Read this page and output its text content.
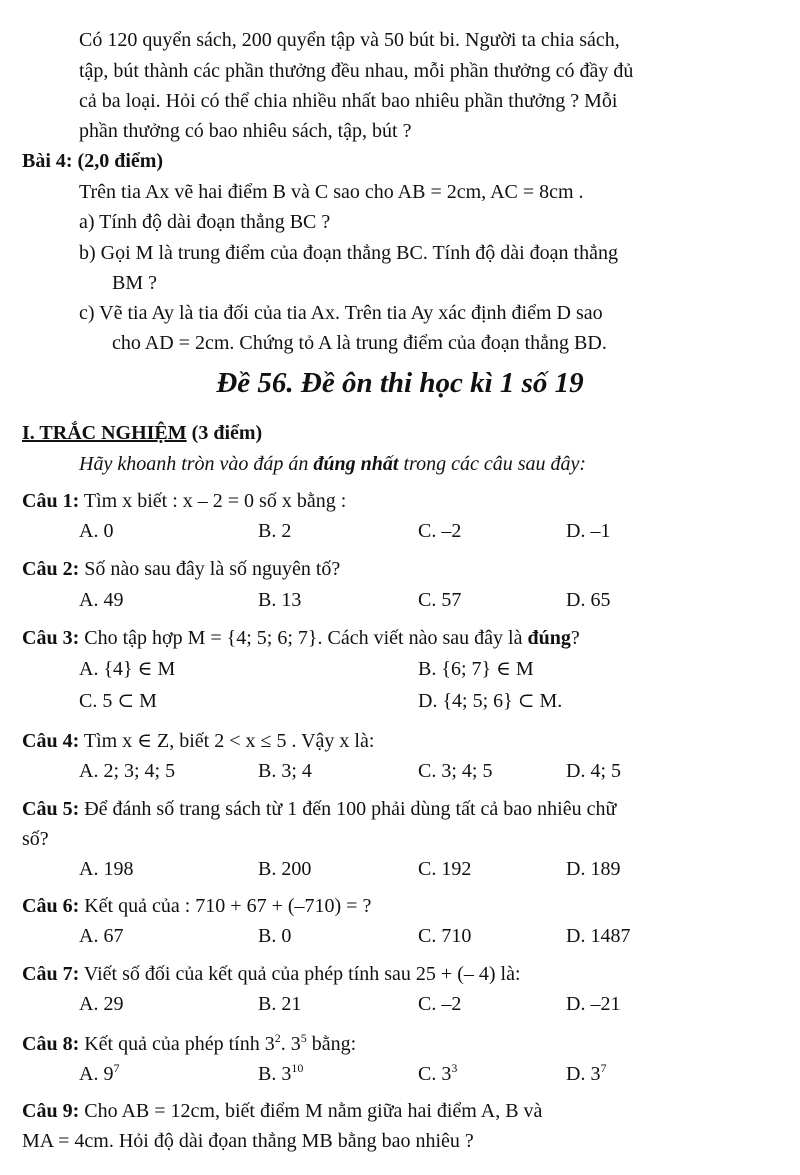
Có 120 quyển sách, 200 quyển tập và 50 bút bi. Người ta chia sách,
tập, bút thành các phần thưởng đều nhau, mỗi phần thưởng có đầy đủ
cả ba loại. Hỏi có thể chia nhiều nhất bao nhiêu phần thưởng ? Mỗi
phần thưởng có bao nhiêu sách, tập, bút ?
Bài 4: (2,0 điểm)
Trên tia Ax vẽ hai điểm B và C sao cho AB = 2cm, AC = 8cm .
a) Tính độ dài đoạn thẳng BC ?
b) Gọi M là trung điểm của đoạn thẳng BC. Tính độ dài đoạn thẳng
BM ?
c) Vẽ tia Ay là tia đối của tia Ax. Trên tia Ay xác định điểm D sao
cho AD = 2cm. Chứng tỏ A là trung điểm của đoạn thẳng BD.
Đề 56. Đề ôn thi học kì 1 số 19
I. TRẮC NGHIỆM (3 điểm)
Hãy khoanh tròn vào đáp án đúng nhất trong các câu sau đây:
Câu 1: Tìm x biết : x – 2 = 0 số x bằng :
A. 0	B. 2	C. –2	D. –1
Câu 2: Số nào sau đây là số nguyên tố?
A. 49	B. 13	C. 57	D. 65
Câu 3: Cho tập hợp M = {4; 5; 6; 7}. Cách viết nào sau đây là đúng?
A. {4} ∈ M	B. {6; 7} ∈ M
C. 5 ⊂ M	D. {4; 5; 6} ⊂ M.
Câu 4: Tìm x ∈ Z, biết 2 < x ≤ 5 . Vậy x là:
A. 2; 3; 4; 5	B. 3; 4	C. 3; 4; 5	D. 4; 5
Câu 5: Để đánh số trang sách từ 1 đến 100 phải dùng tất cả bao nhiêu chữ
số?
A. 198	B. 200	C. 192	D. 189
Câu 6: Kết quả của : 710 + 67 + (–710) = ?
A. 67	B. 0	C. 710	D. 1487
Câu 7: Viết số đối của kết quả của phép tính sau 25 + (– 4) là:
A. 29	B. 21	C. –2	D. –21
Câu 8: Kết quả của phép tính $3^2$. $3^5$ bằng:
A. $9^7$	B. $3^{10}$	C. $3^3$	D. $3^7$
Câu 9: Cho AB = 12cm, biết điểm M nằm giữa hai điểm A, B và
MA = 4cm. Hỏi độ dài đọan thẳng MB bằng bao nhiêu ?
